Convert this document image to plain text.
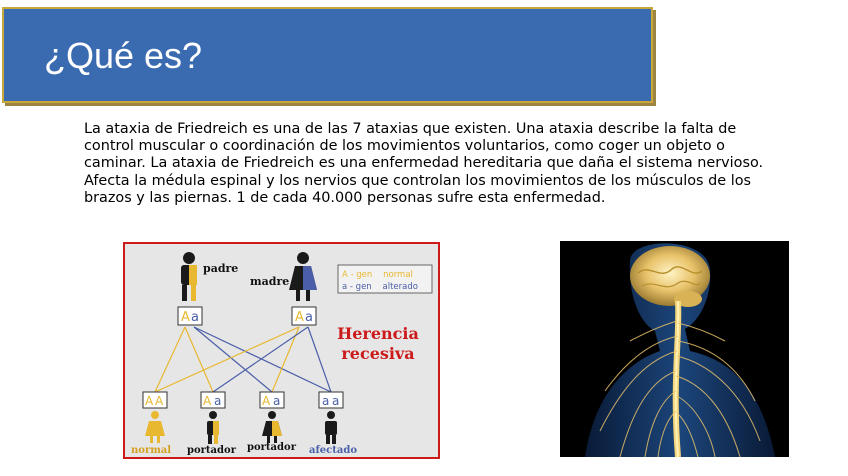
¿Qué es?

La ataxia de Friedreich es una de las 7 ataxias que existen. Una ataxia describe la falta de control muscular o coordinación de los movimientos voluntarios, como coger un objeto o caminar. La ataxia de Friedreich es una enfermedad hereditaria que daña el sistema nervioso. Afecta la médula espinal y los nervios que controlan los movimientos de los músculos de los brazos y las piernas. 1 de cada 40.000 personas sufre esta enfermedad.

padre
madre
A a	A a
A - gen    normal
a - gen    alterado
Herencia
recesiva
A A	A a	A a	a a
normal portador portador afectado
